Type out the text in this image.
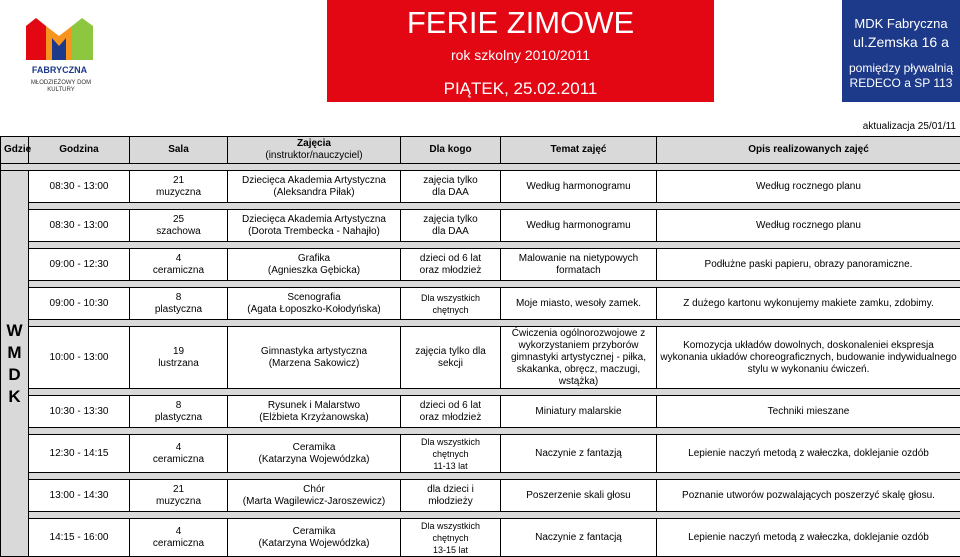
FABRYCZNA
MŁODZIEŻOWY DOM KULTURY
FERIE ZIMOWE
rok szkolny 2010/2011
PIĄTEK, 25.02.2011
MDK Fabryczna
ul.Zemska 16 a
pomiędzy pływalnią
REDECO a SP 113
aktualizacja 25/01/11
Gdzie	Godzina	Sala	Zajęcia
(instruktor/nauczyciel)	Dla kogo	Temat zajęć	Opis realizowanych zajęć

W
M
D
K	08:30 - 13:00	21
muzyczna	Dziecięca Akademia Artystyczna
(Aleksandra Piłak)	zajęcia tylko
dla DAA	Według harmonogramu	Według rocznego planu

	08:30 - 13:00	25
szachowa	Dziecięca Akademia Artystyczna
(Dorota Trembecka - Nahajło)	zajęcia tylko
dla DAA	Według harmonogramu	Według rocznego planu

	09:00 - 12:30	4
ceramiczna	Grafika
(Agnieszka Gębicka)	dzieci od 6 lat
oraz młodzież	Malowanie na nietypowych formatach	Podłużne paski papieru, obrazy panoramiczne.

	09:00 - 10:30	8
plastyczna	Scenografia
(Agata Łoposzko-Kołodyńska)	Dla wszystkich
chętnych	Moje miasto, wesoły zamek.	Z dużego kartonu wykonujemy makiete zamku, zdobimy.

	10:00 - 13:00	19
lustrzana	Gimnastyka artystyczna
(Marzena Sakowicz)	zajęcia tylko dla
sekcji	Ćwiczenia ogólnorozwojowe z wykorzystaniem przyborów gimnastyki artystycznej - piłka, skakanka, obręcz, maczugi, wstążka)	Komozycja układów dowolnych, doskonaleniei ekspresja wykonania układów choreograficznych, budowanie indywidualnego stylu w wykonaniu ćwiczeń.

	10:30 - 13:30	8
plastyczna	Rysunek i Malarstwo
(Elżbieta Krzyżanowska)	dzieci od 6 lat
oraz młodzież	Miniatury malarskie	Techniki mieszane

	12:30 - 14:15	4
ceramiczna	Ceramika
(Katarzyna Wojewódzka)	Dla wszystkich
chętnych
11-13 lat	Naczynie z fantazją	Lepienie naczyń metodą z wałeczka, doklejanie ozdób

	13:00 - 14:30	21
muzyczna	Chór
(Marta Wagilewicz-Jaroszewicz)	dla dzieci i
młodzieży	Poszerzenie skali głosu	Poznanie utworów pozwalających poszerzyć skalę głosu.

	14:15 - 16:00	4
ceramiczna	Ceramika
(Katarzyna Wojewódzka)	Dla wszystkich
chętnych
13-15 lat	Naczynie z fantacją	Lepienie naczyń metodą z wałeczka, doklejanie ozdób
